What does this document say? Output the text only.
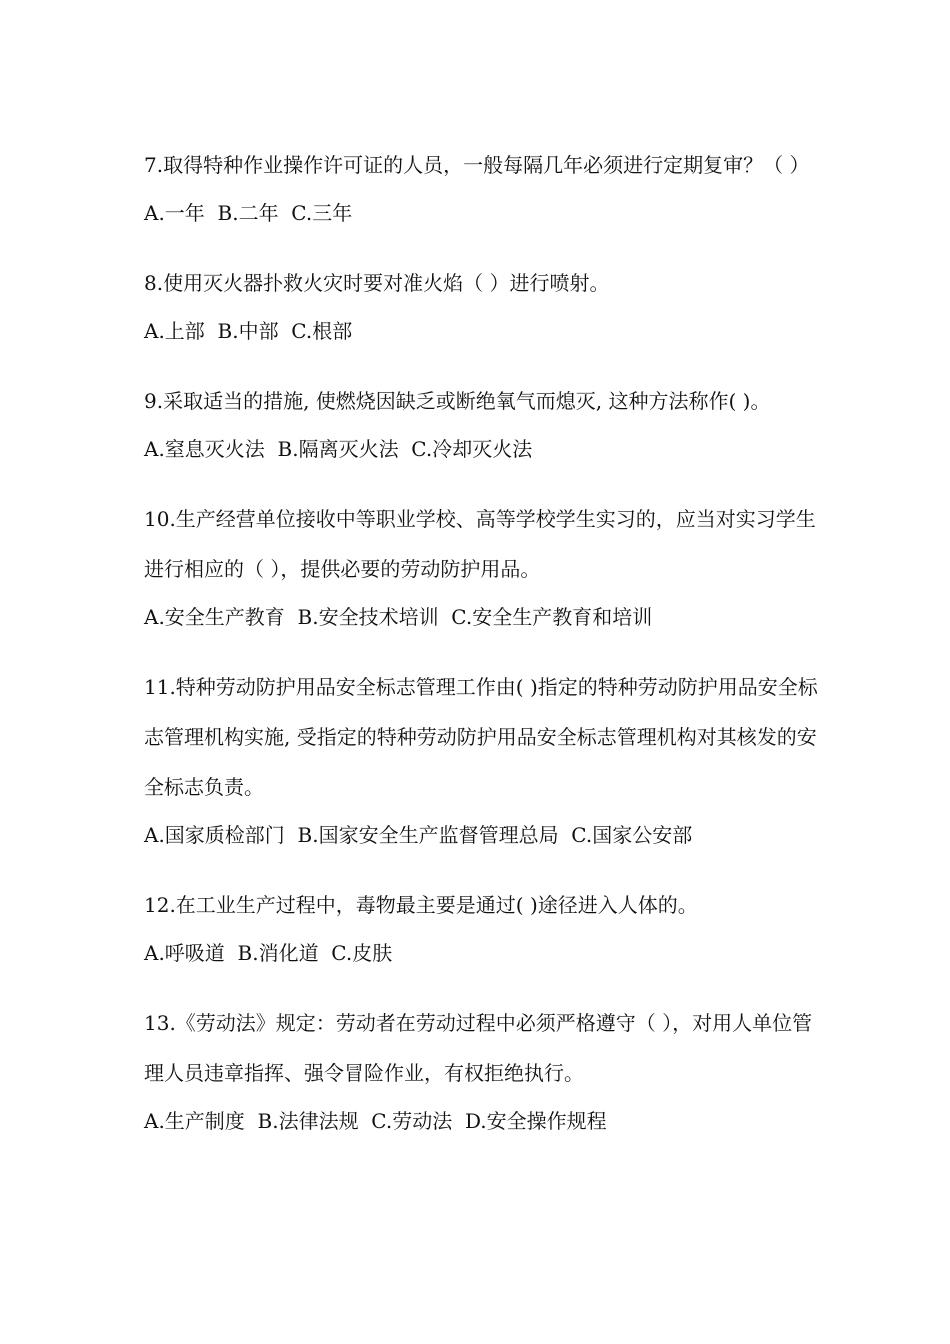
7.取得特种作业操作许可证的人员，一般每隔几年必须进行定期复审？（ ）

A.一年  B.二年  C.三年

8.使用灭火器扑救火灾时要对准火焰（ ）进行喷射。

A.上部  B.中部  C.根部

9.采取适当的措施, 使燃烧因缺乏或断绝氧气而熄灭, 这种方法称作( )。

A.窒息灭火法  B.隔离灭火法  C.冷却灭火法

10.生产经营单位接收中等职业学校、高等学校学生实习的，应当对实习学生进行相应的（ ），提供必要的劳动防护用品。

A.安全生产教育  B.安全技术培训  C.安全生产教育和培训

11.特种劳动防护用品安全标志管理工作由( )指定的特种劳动防护用品安全标志管理机构实施, 受指定的特种劳动防护用品安全标志管理机构对其核发的安全标志负责。

A.国家质检部门  B.国家安全生产监督管理总局  C.国家公安部

12.在工业生产过程中，毒物最主要是通过( )途径进入人体的。

A.呼吸道  B.消化道  C.皮肤

13.《劳动法》规定：劳动者在劳动过程中必须严格遵守（ ），对用人单位管理人员违章指挥、强令冒险作业，有权拒绝执行。

A.生产制度  B.法律法规  C.劳动法  D.安全操作规程
